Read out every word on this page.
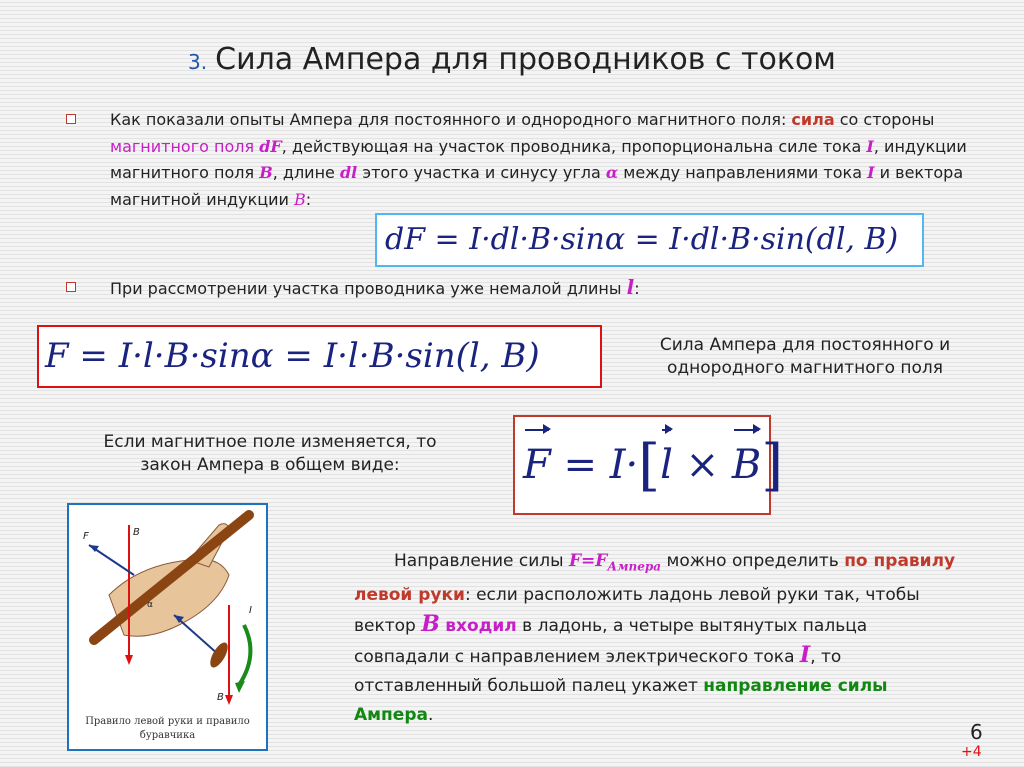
3. Сила Ампера для проводников с током
Как показали опыты Ампера для постоянного и однородного магнитного поля: сила со стороны магнитного поля dF, действующая на участок проводника, пропорциональна силе тока I, индукции магнитного поля B, длине dl этого участка и синусу угла α между направлениями тока I и вектора магнитной индукции B:
dF = I·dl·B·sinα = I·dl·B·sin(dl, B)
При рассмотрении участка проводника уже немалой длины l:
F = I·l·B·sinα = I·l·B·sin(l, B)	Сила Ампера для постоянного и
однородного магнитного поля
Если магнитное поле изменяется, то
закон Ампера в общем виде:	F = I·[l × B]
F	B
B
I
α
Правило левой руки и правило
буравчика
Направление силы $F=F_{Ампера}$ можно определить по правилу левой руки: если расположить ладонь левой руки так, чтобы вектор B входил в ладонь, а четыре вытянутых пальца совпадали с направлением электрического тока I, то отставленный большой палец укажет направление силы Ампера.
6
+4
